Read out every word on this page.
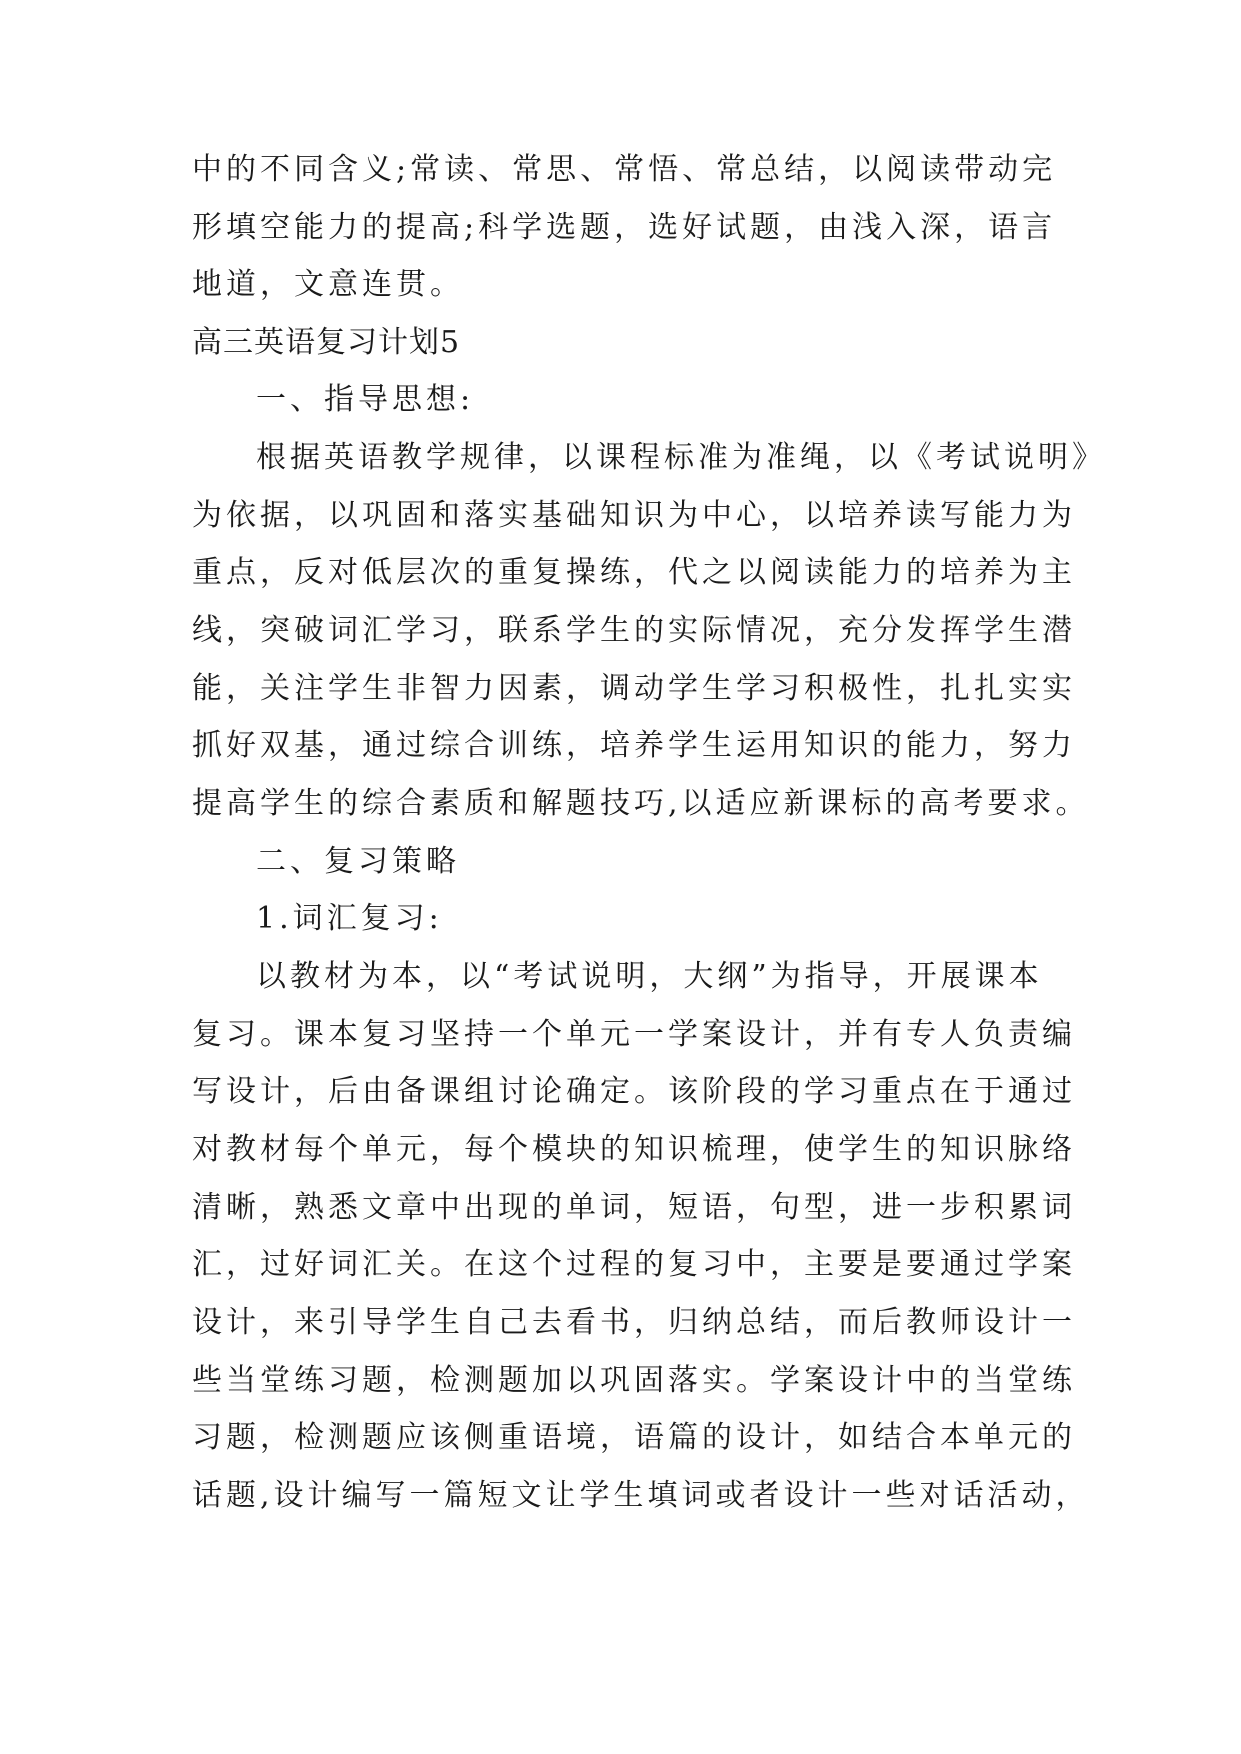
中的不同含义;常读、常思、常悟、常总结，以阅读带动完
形填空能力的提高;科学选题，选好试题，由浅入深，语言
地道，文意连贯。
高三英语复习计划5
一、指导思想:
根据英语教学规律，以课程标准为准绳，以《考试说明》
为依据，以巩固和落实基础知识为中心，以培养读写能力为
重点，反对低层次的重复操练，代之以阅读能力的培养为主
线，突破词汇学习，联系学生的实际情况，充分发挥学生潜
能，关注学生非智力因素，调动学生学习积极性，扎扎实实
抓好双基，通过综合训练，培养学生运用知识的能力，努力
提高学生的综合素质和解题技巧,以适应新课标的高考要求。
二、复习策略
1.词汇复习:
以教材为本，以“考试说明，大纲”为指导，开展课本
复习。课本复习坚持一个单元一学案设计，并有专人负责编
写设计，后由备课组讨论确定。该阶段的学习重点在于通过
对教材每个单元，每个模块的知识梳理，使学生的知识脉络
清晰，熟悉文章中出现的单词，短语，句型，进一步积累词
汇，过好词汇关。在这个过程的复习中，主要是要通过学案
设计，来引导学生自己去看书，归纳总结，而后教师设计一
些当堂练习题，检测题加以巩固落实。学案设计中的当堂练
习题，检测题应该侧重语境，语篇的设计，如结合本单元的
话题,设计编写一篇短文让学生填词或者设计一些对话活动，
